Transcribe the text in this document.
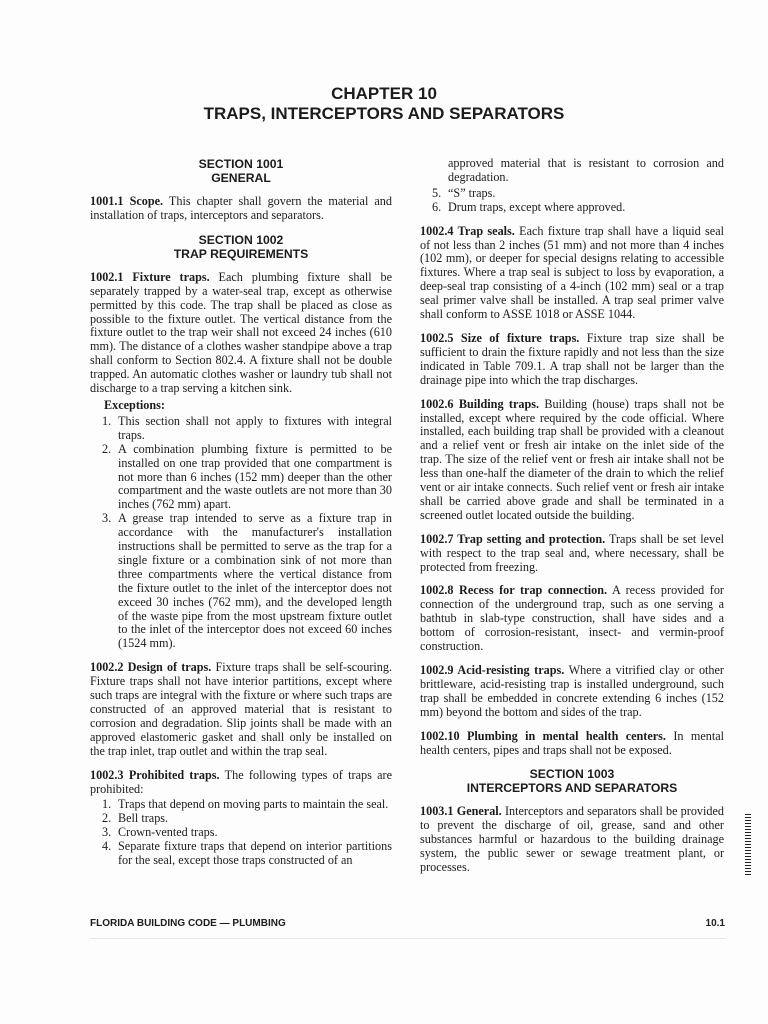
CHAPTER 10
TRAPS, INTERCEPTORS AND SEPARATORS

SECTION 1001

GENERAL

1001.1 Scope. This chapter shall govern the material and installation of traps, interceptors and separators.

SECTION 1002

TRAP REQUIREMENTS

1002.1 Fixture traps. Each plumbing fixture shall be separately trapped by a water-seal trap, except as otherwise permitted by this code. The trap shall be placed as close as possible to the fixture outlet. The vertical distance from the fixture outlet to the trap weir shall not exceed 24 inches (610 mm). The distance of a clothes washer standpipe above a trap shall conform to Section 802.4. A fixture shall not be double trapped. An automatic clothes washer or laundry tub shall not discharge to a trap serving a kitchen sink.

Exceptions:

1. This section shall not apply to fixtures with integral traps.
2. A combination plumbing fixture is permitted to be installed on one trap provided that one compartment is not more than 6 inches (152 mm) deeper than the other compartment and the waste outlets are not more than 30 inches (762 mm) apart.
3. A grease trap intended to serve as a fixture trap in accordance with the manufacturer's installation instructions shall be permitted to serve as the trap for a single fixture or a combination sink of not more than three compartments where the vertical distance from the fixture outlet to the inlet of the interceptor does not exceed 30 inches (762 mm), and the developed length of the waste pipe from the most upstream fixture outlet to the inlet of the interceptor does not exceed 60 inches (1524 mm).

1002.2 Design of traps. Fixture traps shall be self-scouring. Fixture traps shall not have interior partitions, except where such traps are integral with the fixture or where such traps are constructed of an approved material that is resistant to corrosion and degradation. Slip joints shall be made with an approved elastomeric gasket and shall only be installed on the trap inlet, trap outlet and within the trap seal.

1002.3 Prohibited traps. The following types of traps are prohibited:

1. Traps that depend on moving parts to maintain the seal.
2. Bell traps.
3. Crown-vented traps.
4. Separate fixture traps that depend on interior partitions for the seal, except those traps constructed of an

approved material that is resistant to corrosion and degradation.

5. “S” traps.
6. Drum traps, except where approved.

1002.4 Trap seals. Each fixture trap shall have a liquid seal of not less than 2 inches (51 mm) and not more than 4 inches (102 mm), or deeper for special designs relating to accessible fixtures. Where a trap seal is subject to loss by evaporation, a deep-seal trap consisting of a 4-inch (102 mm) seal or a trap seal primer valve shall be installed. A trap seal primer valve shall conform to ASSE 1018 or ASSE 1044.

1002.5 Size of fixture traps. Fixture trap size shall be sufficient to drain the fixture rapidly and not less than the size indicated in Table 709.1. A trap shall not be larger than the drainage pipe into which the trap discharges.

1002.6 Building traps. Building (house) traps shall not be installed, except where required by the code official. Where installed, each building trap shall be provided with a cleanout and a relief vent or fresh air intake on the inlet side of the trap. The size of the relief vent or fresh air intake shall not be less than one-half the diameter of the drain to which the relief vent or air intake connects. Such relief vent or fresh air intake shall be carried above grade and shall be terminated in a screened outlet located outside the building.

1002.7 Trap setting and protection. Traps shall be set level with respect to the trap seal and, where necessary, shall be protected from freezing.

1002.8 Recess for trap connection. A recess provided for connection of the underground trap, such as one serving a bathtub in slab-type construction, shall have sides and a bottom of corrosion-resistant, insect- and vermin-proof construction.

1002.9 Acid-resisting traps. Where a vitrified clay or other brittleware, acid-resisting trap is installed underground, such trap shall be embedded in concrete extending 6 inches (152 mm) beyond the bottom and sides of the trap.

1002.10 Plumbing in mental health centers. In mental health centers, pipes and traps shall not be exposed.

SECTION 1003

INTERCEPTORS AND SEPARATORS

1003.1 General. Interceptors and separators shall be provided to prevent the discharge of oil, grease, sand and other substances harmful or hazardous to the building drainage system, the public sewer or sewage treatment plant, or processes.

FLORIDA BUILDING CODE — PLUMBING	10.1
